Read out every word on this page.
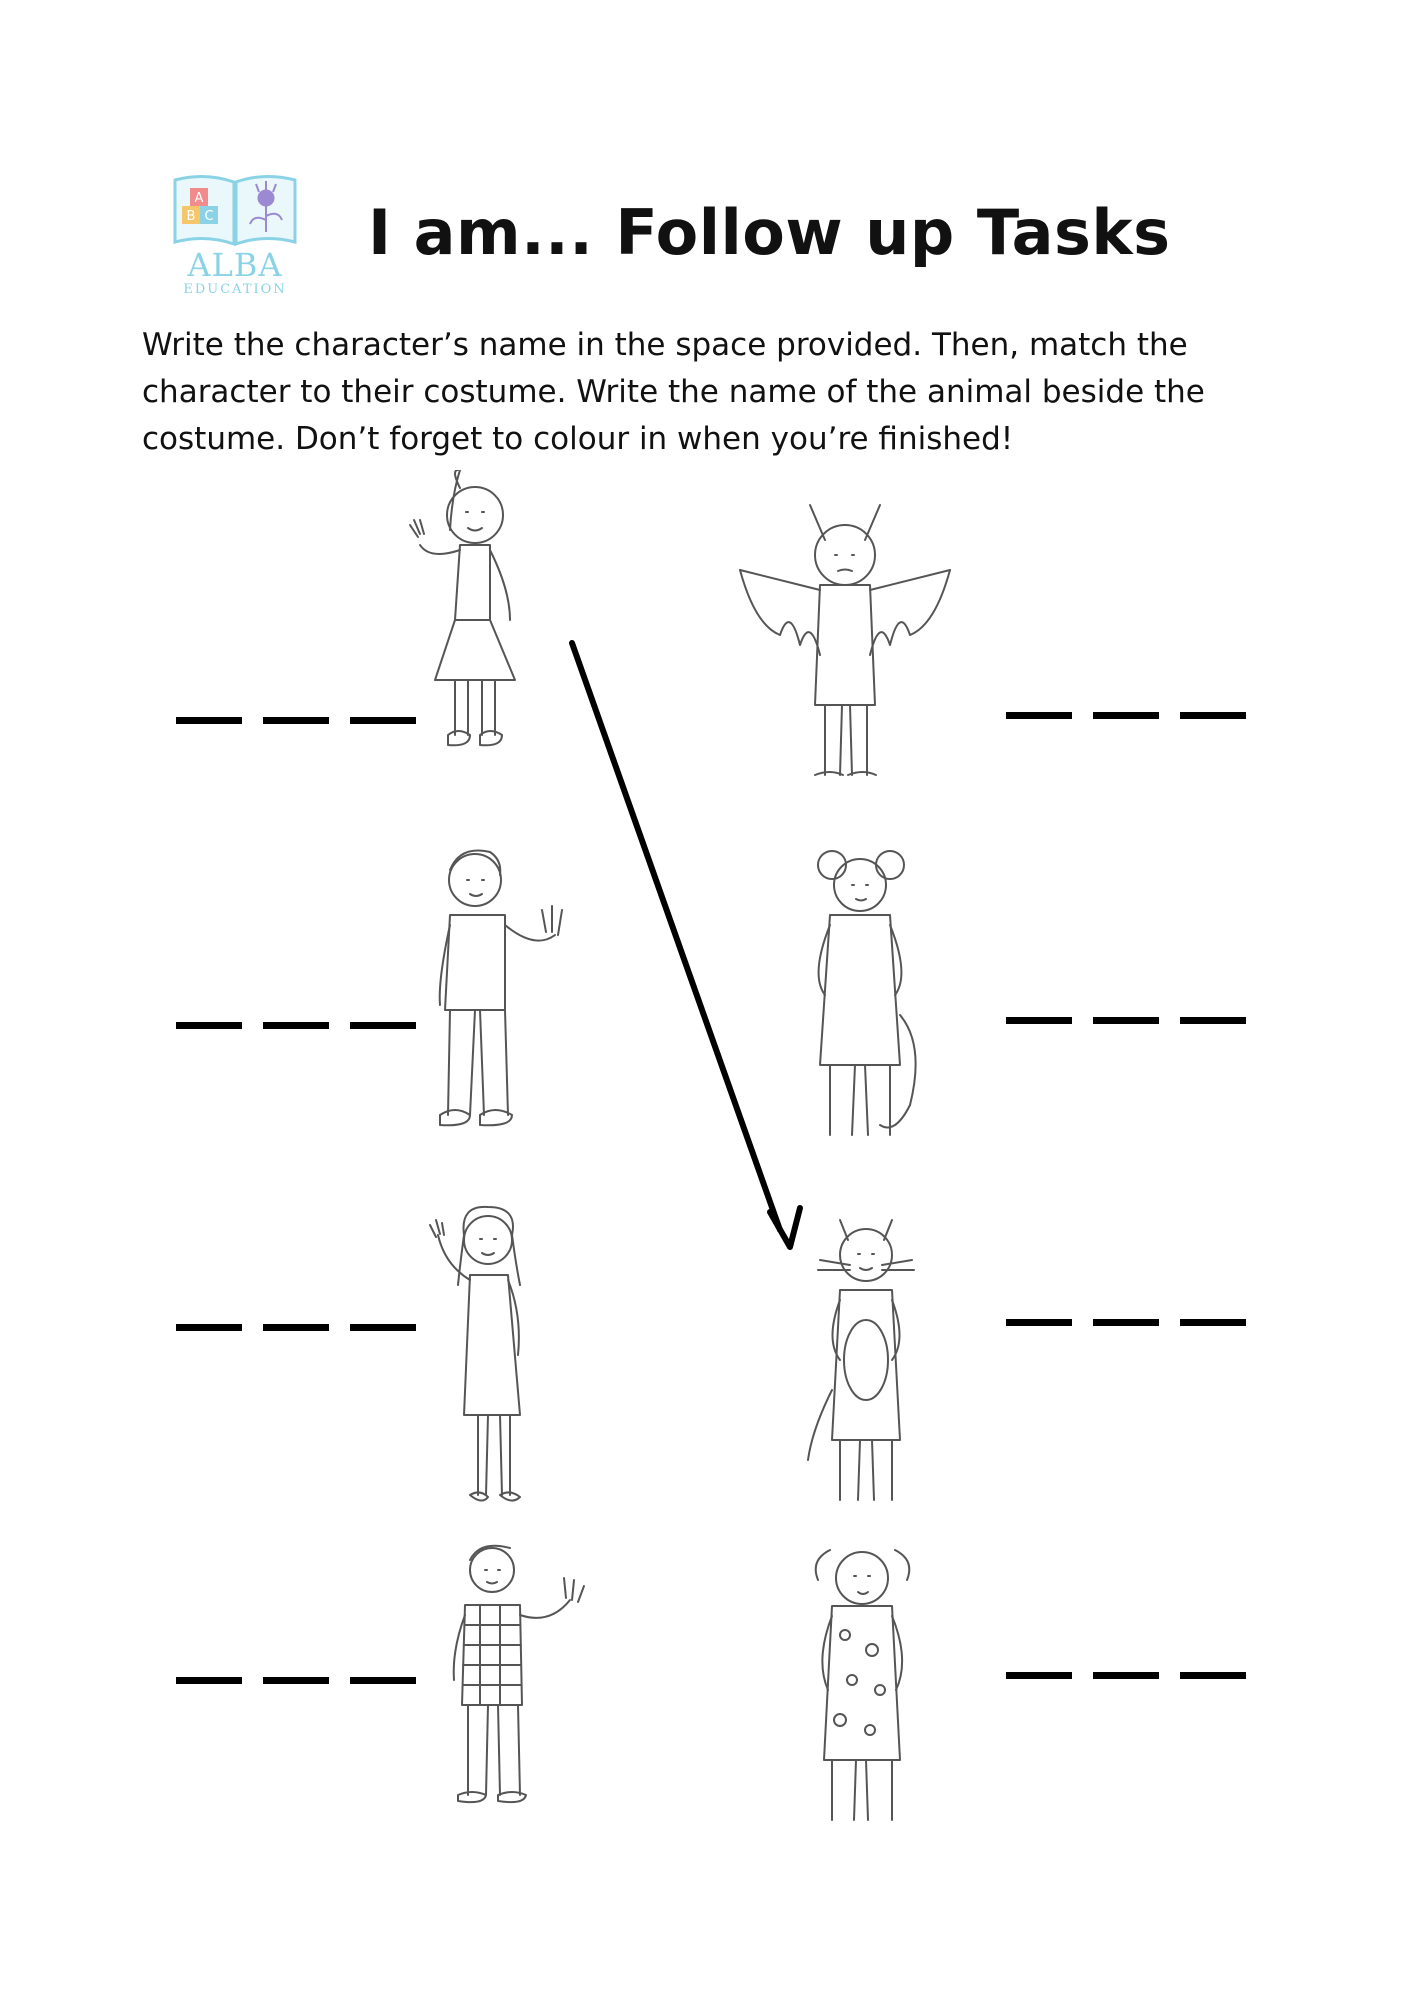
A
B C
ALBA
EDUCATION
I am... Follow up Tasks
Write the character’s name in the space provided. Then, match the character to their costume. Write the name of the animal beside the costume. Don’t forget to colour in when you’re finished!
